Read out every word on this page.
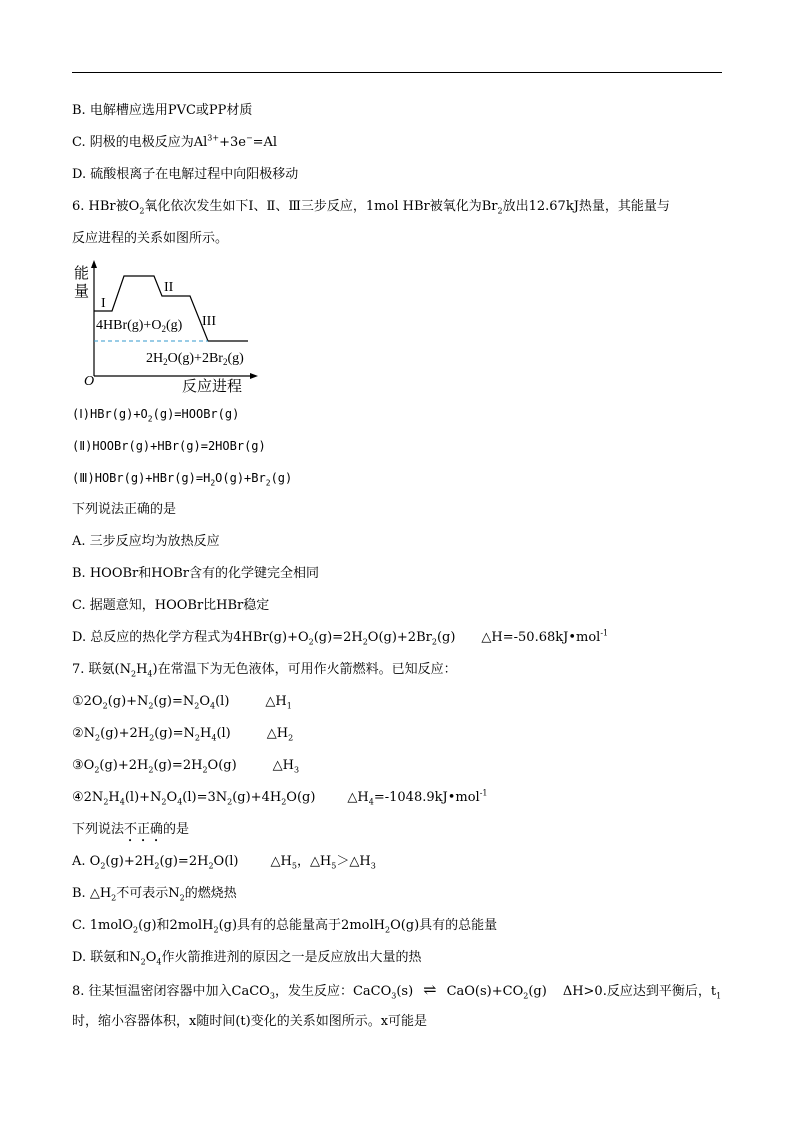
B. 电解槽应选用PVC或PP材质
C. 阴极的电极反应为$Al^{3+}+3e^-=Al$
D. 硫酸根离子在电解过程中向阳极移动
6. HBr被$O_2$氧化依次发生如下Ⅰ、Ⅱ、Ⅲ三步反应，1mol HBr被氧化为$Br_2$放出12.67kJ热量，其能量与
反应进程的关系如图所示。
能
量
O	反应进程
I
II
III
$4HBr(g)+O_2(g)$
$2H_2O(g)+2Br_2(g)$
$(Ⅰ)HBr(g)+O_2(g)=HOOBr(g)$
(Ⅱ)HOOBr(g)+HBr(g)=2HOBr(g)
$(Ⅲ)HOBr(g)+HBr(g)=H_2O(g)+Br_2(g)$
下列说法正确的是
A. 三步反应均为放热反应
B. HOOBr和HOBr含有的化学键完全相同
C. 据题意知，HOOBr比HBr稳定
D. 总反应的热化学方程式为$4HBr(g)+O_2(g)=2H_2O(g)+2Br_2(g)$ △H=-50.68kJ•mol$^{-1}$
7. 联氨$(N_2H_4)$在常温下为无色液体，可用作火箭燃料。已知反应：
$①2O_2(g)+N_2(g)=N_2O_4(l)$	$\triangle H_1$
$②N_2(g)+2H_2(g)=N_2H_4(l)$	$\triangle H_2$
$③O_2(g)+2H_2(g)=2H_2O(g)$	$\triangle H_3$
$④2N_2H_4(l)+N_2O_4(l)=3N_2(g)+4H_2O(g)$ $\triangle H_4=-1048.9kJ•mol^{-1}$
下列说法不正确的是
A. $O_2(g)+2H_2(g)=2H_2O(l)$ $\triangle H_5$，$\triangle H_5>\triangle H_3$
B. $\triangle H_2$不可表示$N_2$的燃烧热
C. 1molO$_2$(g)和2molH$_2$(g)具有的总能量高于2molH$_2$O(g)具有的总能量
D. 联氨和$N_2O_4$作火箭推进剂的原因之一是反应放出大量的热
8. 往某恒温密闭容器中加入CaCO$_3$，发生反应：CaCO$_3$(s) ⇌ $CaO(s)+CO_2(g)$ ΔH>0.反应达到平衡后，$t_1$
时，缩小容器体积，x随时间(t)变化的关系如图所示。x可能是
